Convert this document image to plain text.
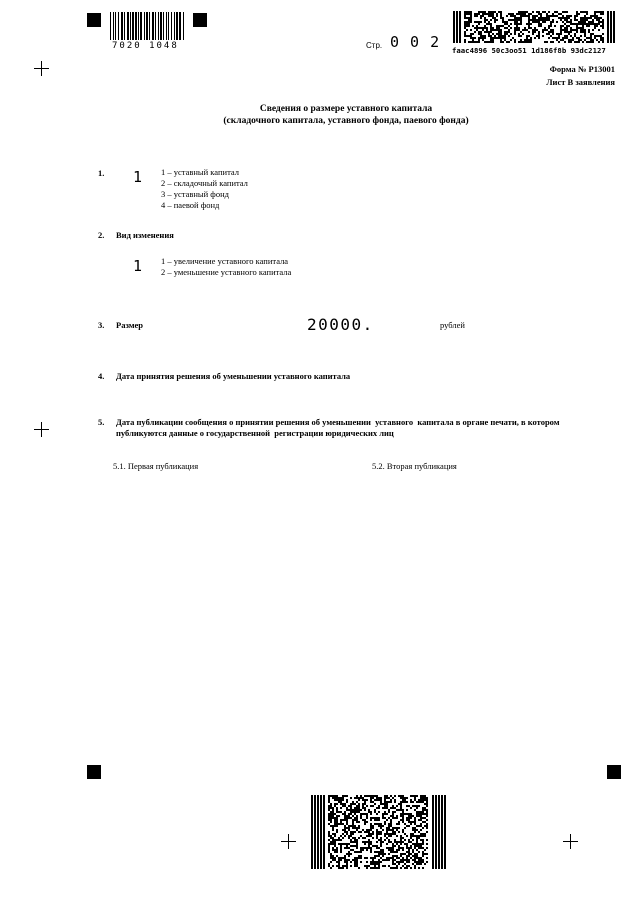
7020 1048	Стр. 0 0 2 faac4896 50c3oo51 1d186f8b 93dc2127
Форма № Р13001
Лист В заявления
Сведения о размере уставного капитала
(складочного капитала, уставного фонда, паевого фонда)
1. 1 1 – уставный капитал
2 – складочный капитал
3 – уставный фонд
4 – паевой фонд
2. Вид изменения
1 1 – увеличение уставного капитала
2 – уменьшение уставного капитала
3. Размер	20000.	рублей
4. Дата принятия решения об уменьшении уставного капитала
5. Дата публикации сообщения о принятии решения об уменьшении  уставного  капитала в органе печати, в котором
публикуются данные о государственной  регистрации юридических лиц
5.1. Первая публикация	5.2. Вторая публикация
